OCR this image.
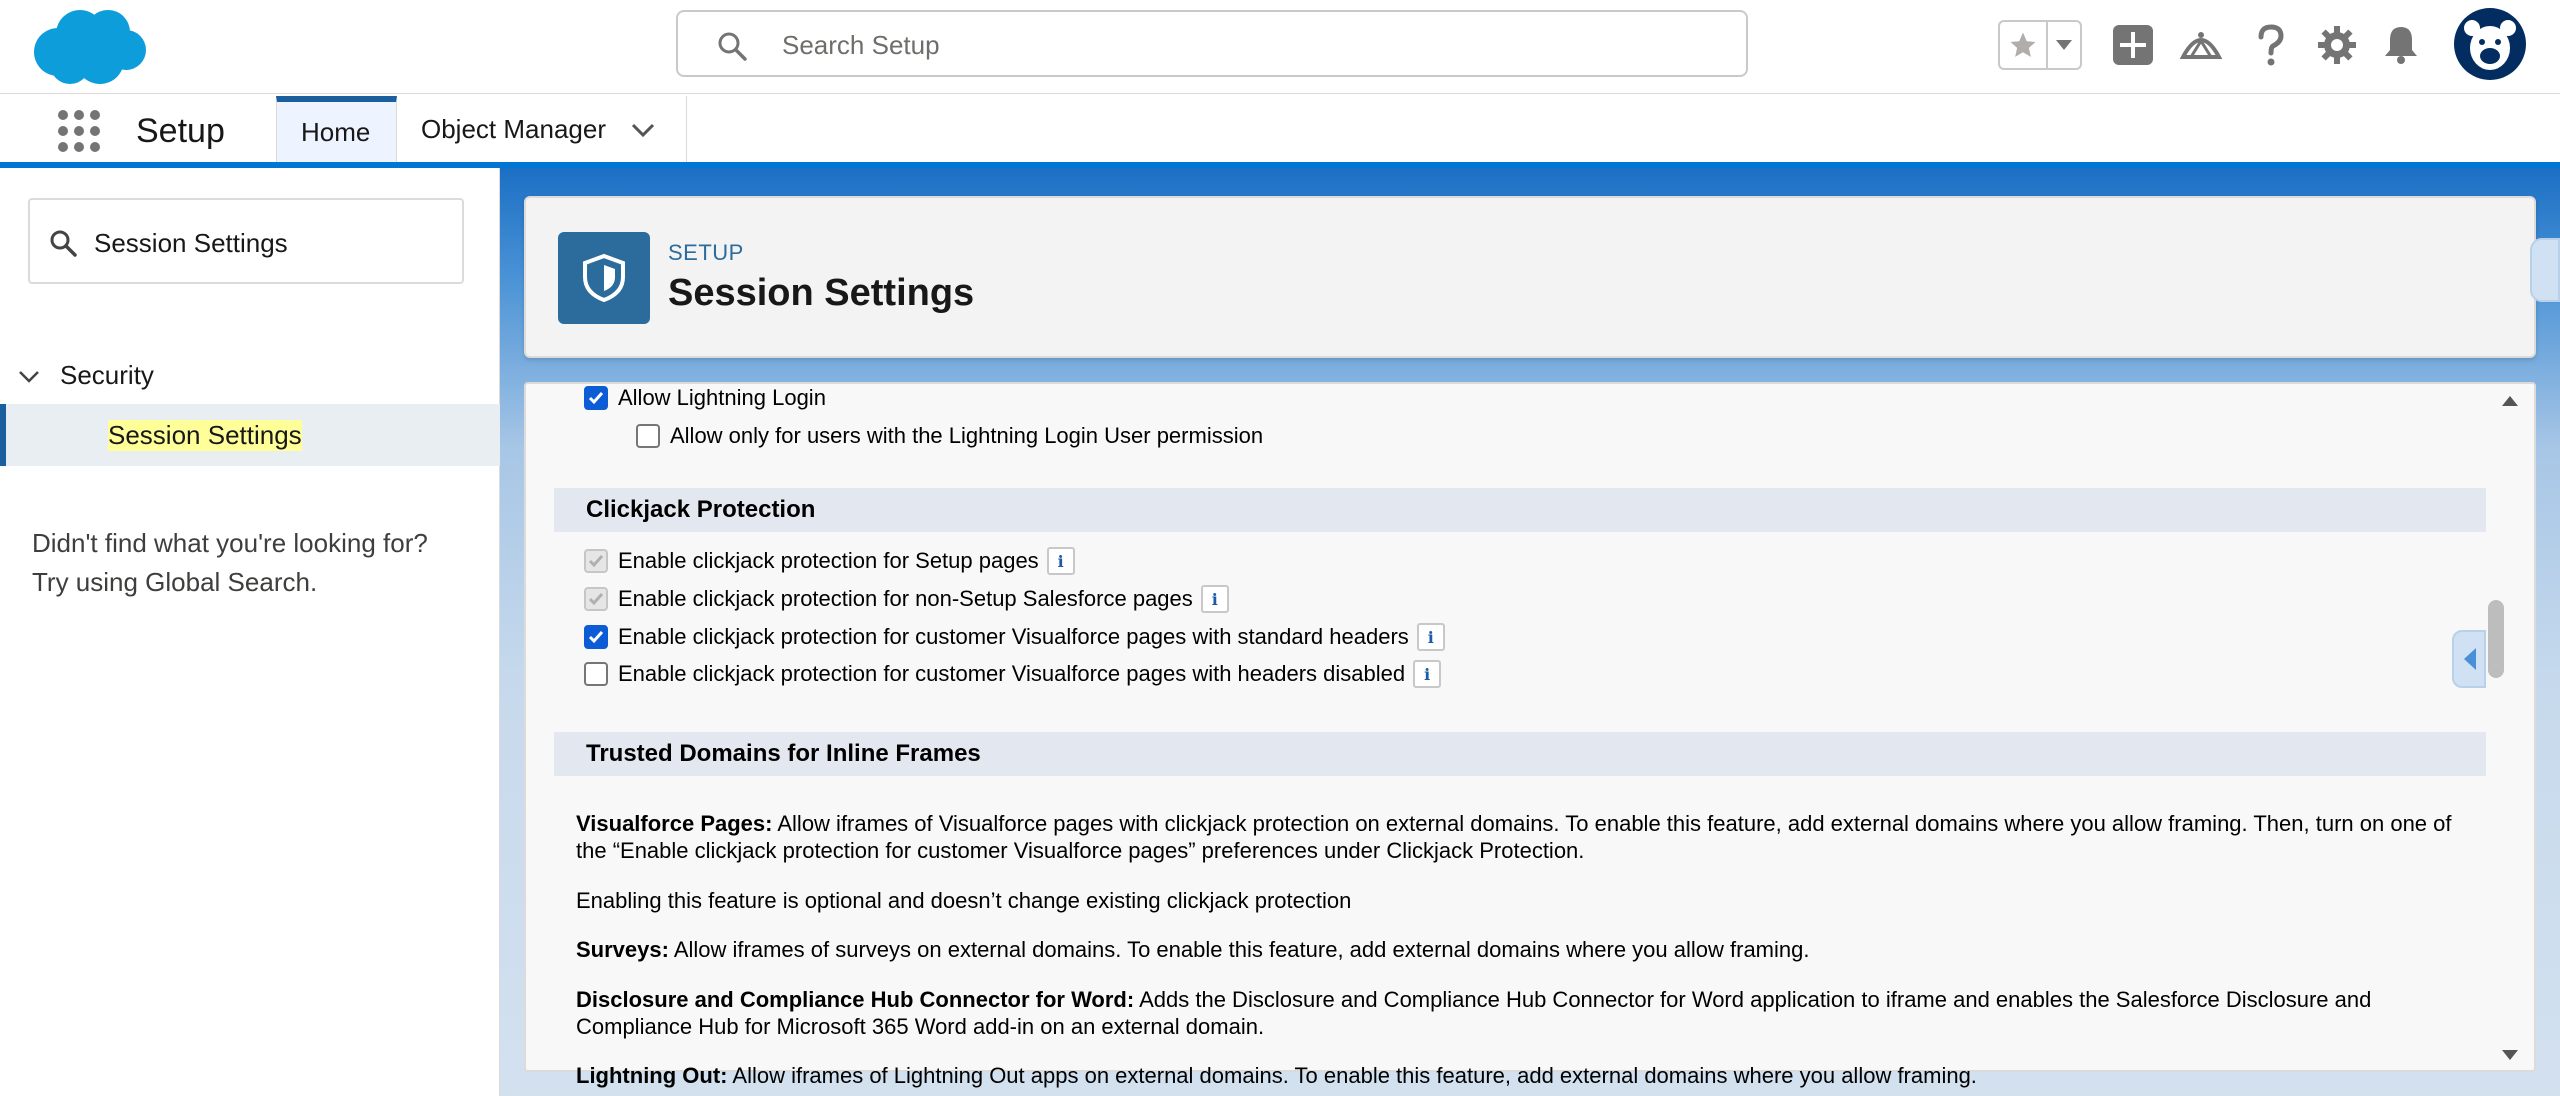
Search Setup
Setup	Home Object Manager
Session Settings
Security
Session Settings
Didn't find what you're looking for?
Try using Global Search.
SETUP
Session Settings
Allow Lightning Login
Allow only for users with the Lightning Login User permission
Clickjack Protection
Enable clickjack protection for Setup pages	i
Enable clickjack protection for non-Setup Salesforce pages	i
Enable clickjack protection for customer Visualforce pages with standard headers	i
Enable clickjack protection for customer Visualforce pages with headers disabled	i
Trusted Domains for Inline Frames
Visualforce Pages: Allow iframes of Visualforce pages with clickjack protection on external domains. To enable this feature, add external domains where you allow framing. Then, turn on one of the “Enable clickjack protection for customer Visualforce pages” preferences under Clickjack Protection.
Enabling this feature is optional and doesn’t change existing clickjack protection
Surveys: Allow iframes of surveys on external domains. To enable this feature, add external domains where you allow framing.
Disclosure and Compliance Hub Connector for Word: Adds the Disclosure and Compliance Hub Connector for Word application to iframe and enables the Salesforce Disclosure and Compliance Hub for Microsoft 365 Word add-in on an external domain.
Lightning Out: Allow iframes of Lightning Out apps on external domains. To enable this feature, add external domains where you allow framing.
